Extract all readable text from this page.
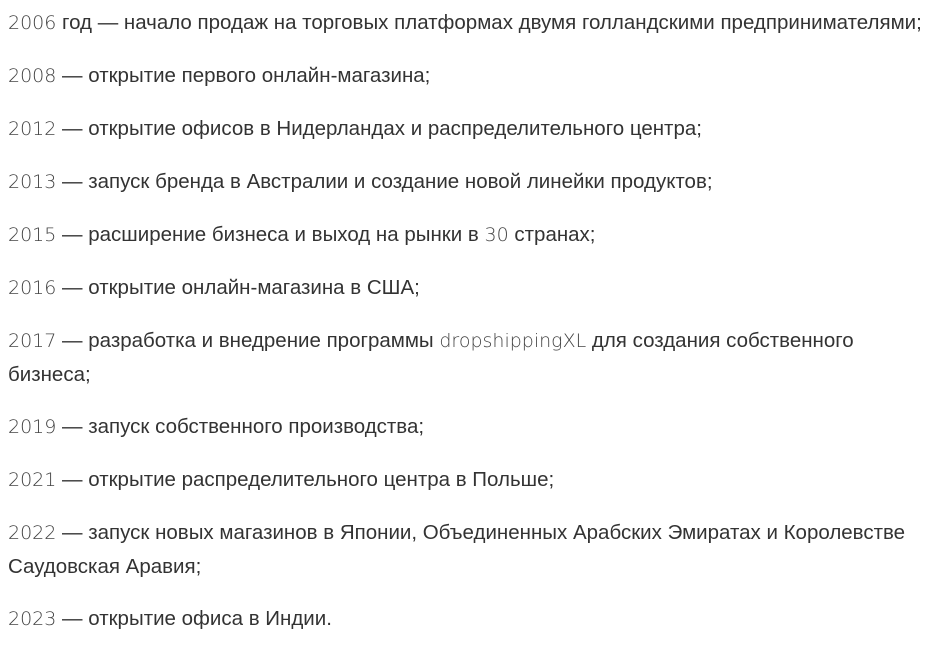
2006 год — начало продаж на торговых платформах двумя голландскими предпринимателями;

2008 — открытие первого онлайн-магазина;

2012 — открытие офисов в Нидерландах и распределительного центра;

2013 — запуск бренда в Австралии и создание новой линейки продуктов;

2015 — расширение бизнеса и выход на рынки в 30 странах;

2016 — открытие онлайн-магазина в США;

2017 — разработка и внедрение программы dropshippingXL для создания собственного бизнеса;

2019 — запуск собственного производства;

2021 — открытие распределительного центра в Польше;

2022 — запуск новых магазинов в Японии, Объединенных Арабских Эмиратах и Королевстве Саудовская Аравия;

2023 — открытие офиса в Индии.
